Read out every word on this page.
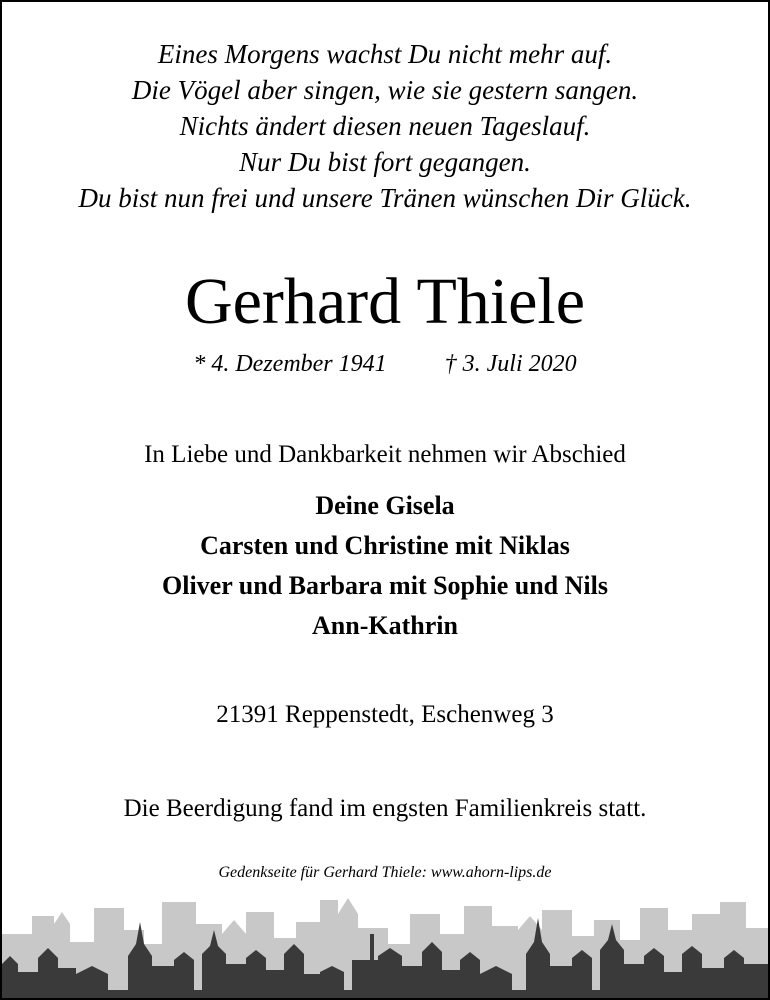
Eines Morgens wachst Du nicht mehr auf.
Die Vögel aber singen, wie sie gestern sangen.
Nichts ändert diesen neuen Tageslauf.
Nur Du bist fort gegangen.
Du bist nun frei und unsere Tränen wünschen Dir Glück.
Gerhard Thiele
* 4. Dezember 1941 † 3. Juli 2020
In Liebe und Dankbarkeit nehmen wir Abschied
Deine Gisela
Carsten und Christine mit Niklas
Oliver und Barbara mit Sophie und Nils
Ann-Kathrin
21391 Reppenstedt, Eschenweg 3
Die Beerdigung fand im engsten Familienkreis statt.
Gedenkseite für Gerhard Thiele: www.ahorn-lips.de
